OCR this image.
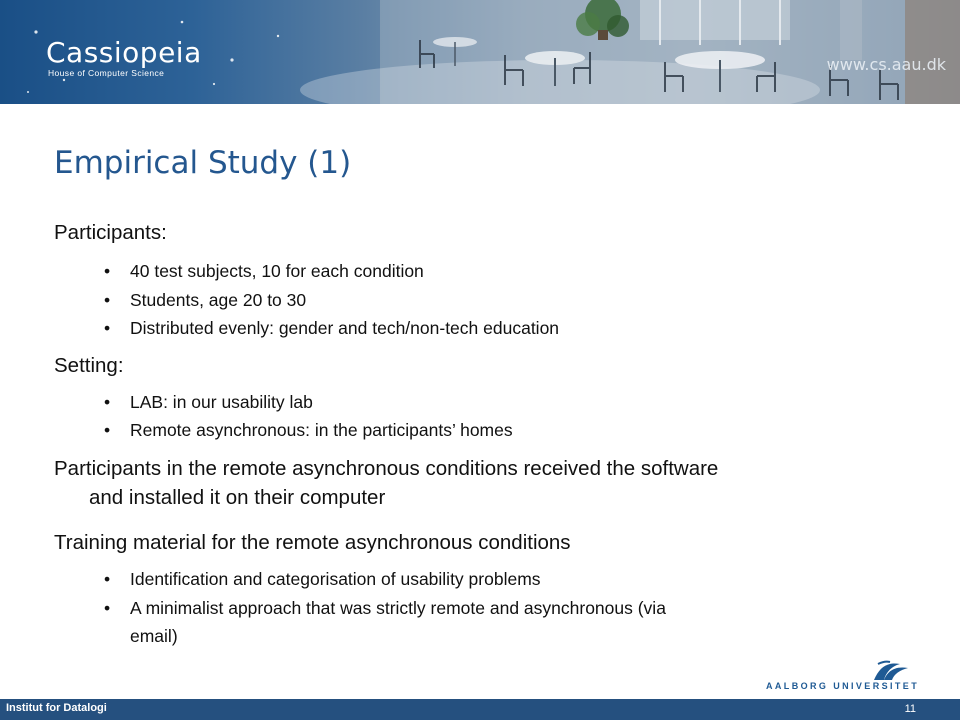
Cassiopeia
House of Computer Science	www.cs.aau.dk
Empirical Study (1)
Participants:
• 40 test subjects, 10 for each condition
• Students, age 20 to 30
• Distributed evenly: gender and tech/non-tech education
Setting:
• LAB: in our usability lab
• Remote asynchronous: in the participants’ homes
Participants in the remote asynchronous conditions received the software
and installed it on their computer
Training material for the remote asynchronous conditions
• Identification and categorisation of usability problems
• A minimalist approach that was strictly remote and asynchronous (via
email)
AALBORG UNIVERSITET
Institut for Datalogi	11
